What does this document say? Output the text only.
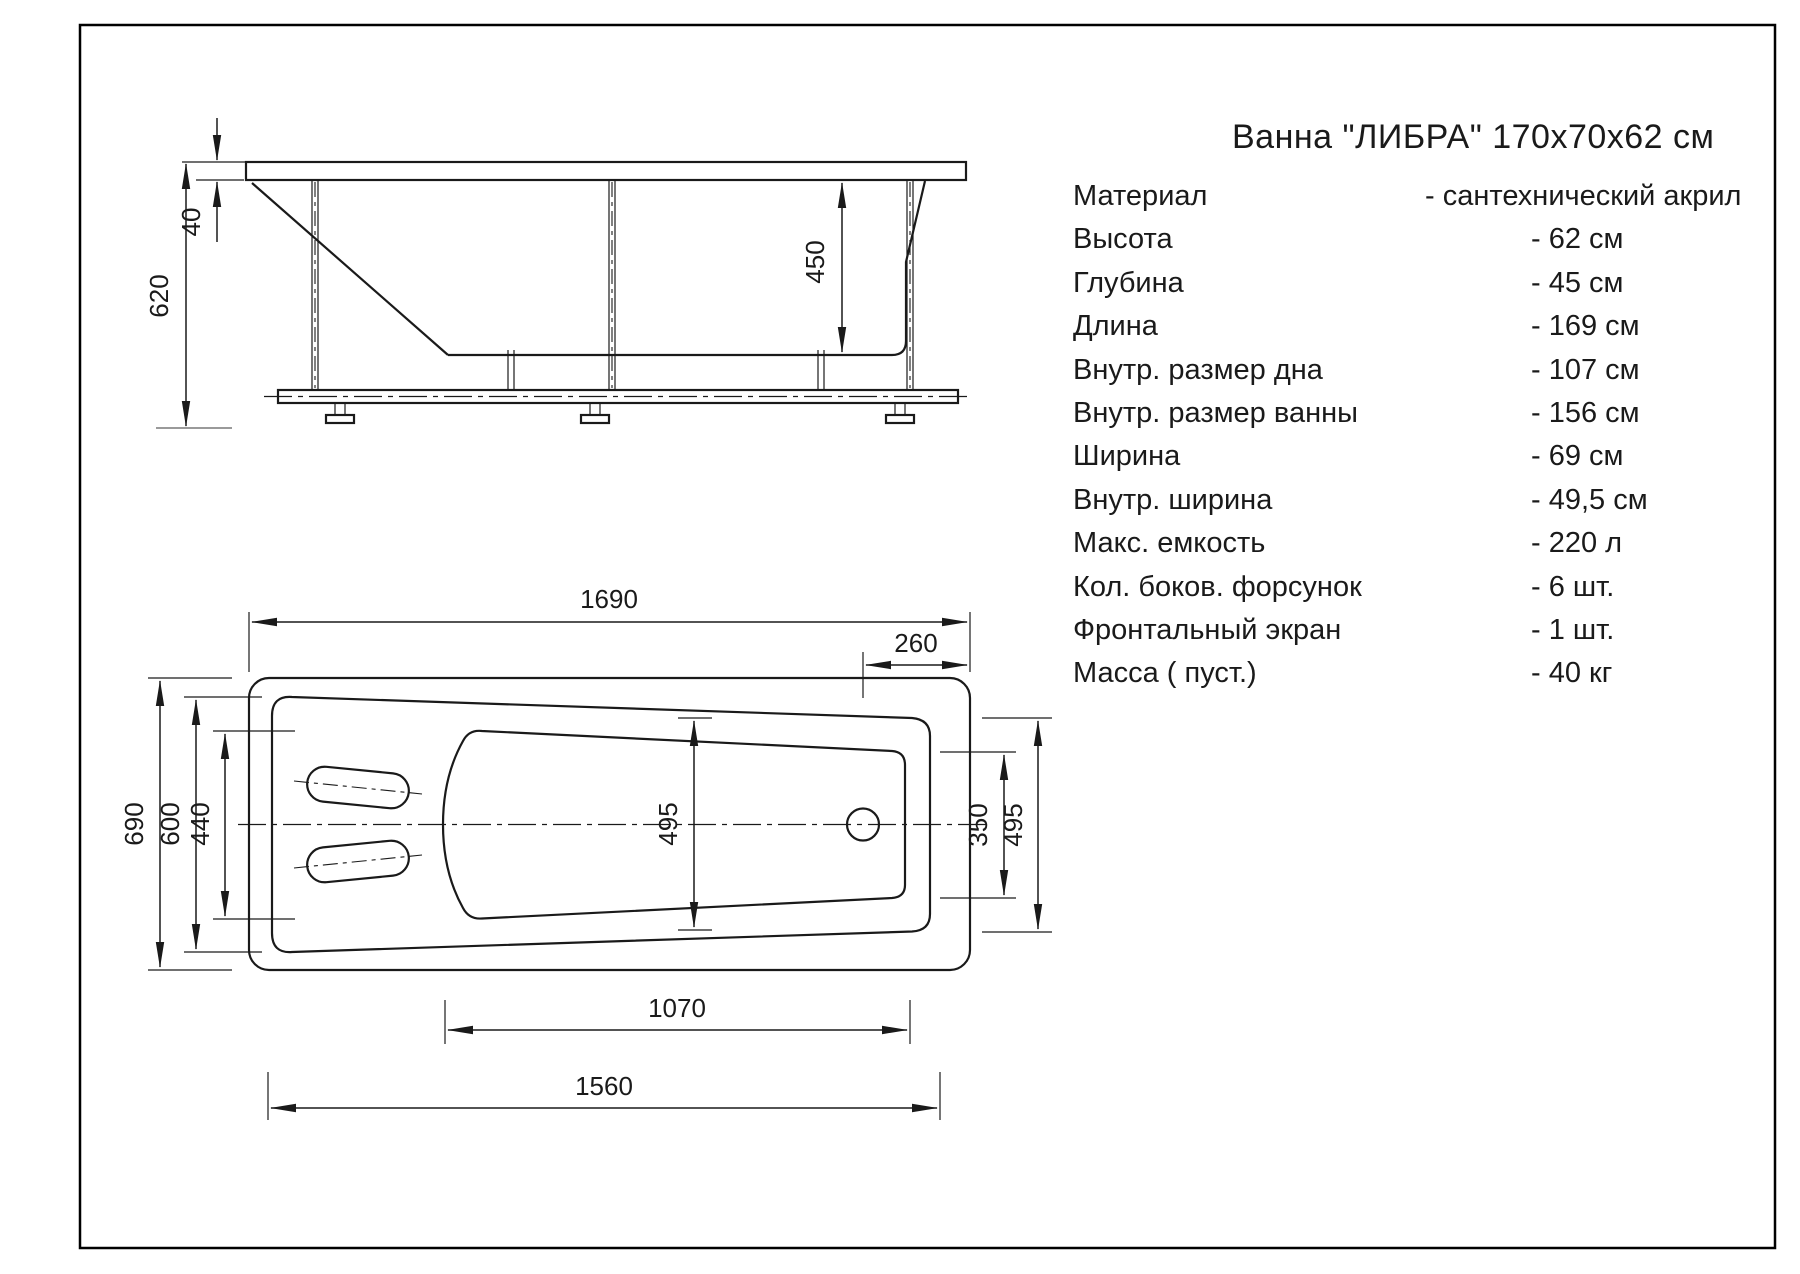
620
40
450
1690
260
690 600 440	495	350 495
1070
1560
Ванна "ЛИБРА" 170x70x62 см
Материал	- сантехнический акрил
Высота	- 62 см
Глубина	- 45 см
Длина	- 169 см
Внутр. размер дна	- 107 см
Внутр. размер ванны	- 156 см
Ширина	- 69 см
Внутр. ширина	- 49,5 см
Макс. емкость	- 220 л
Кол. боков. форсунок	- 6 шт.
Фронтальный экран	- 1 шт.
Масса ( пуст.)	- 40 кг
